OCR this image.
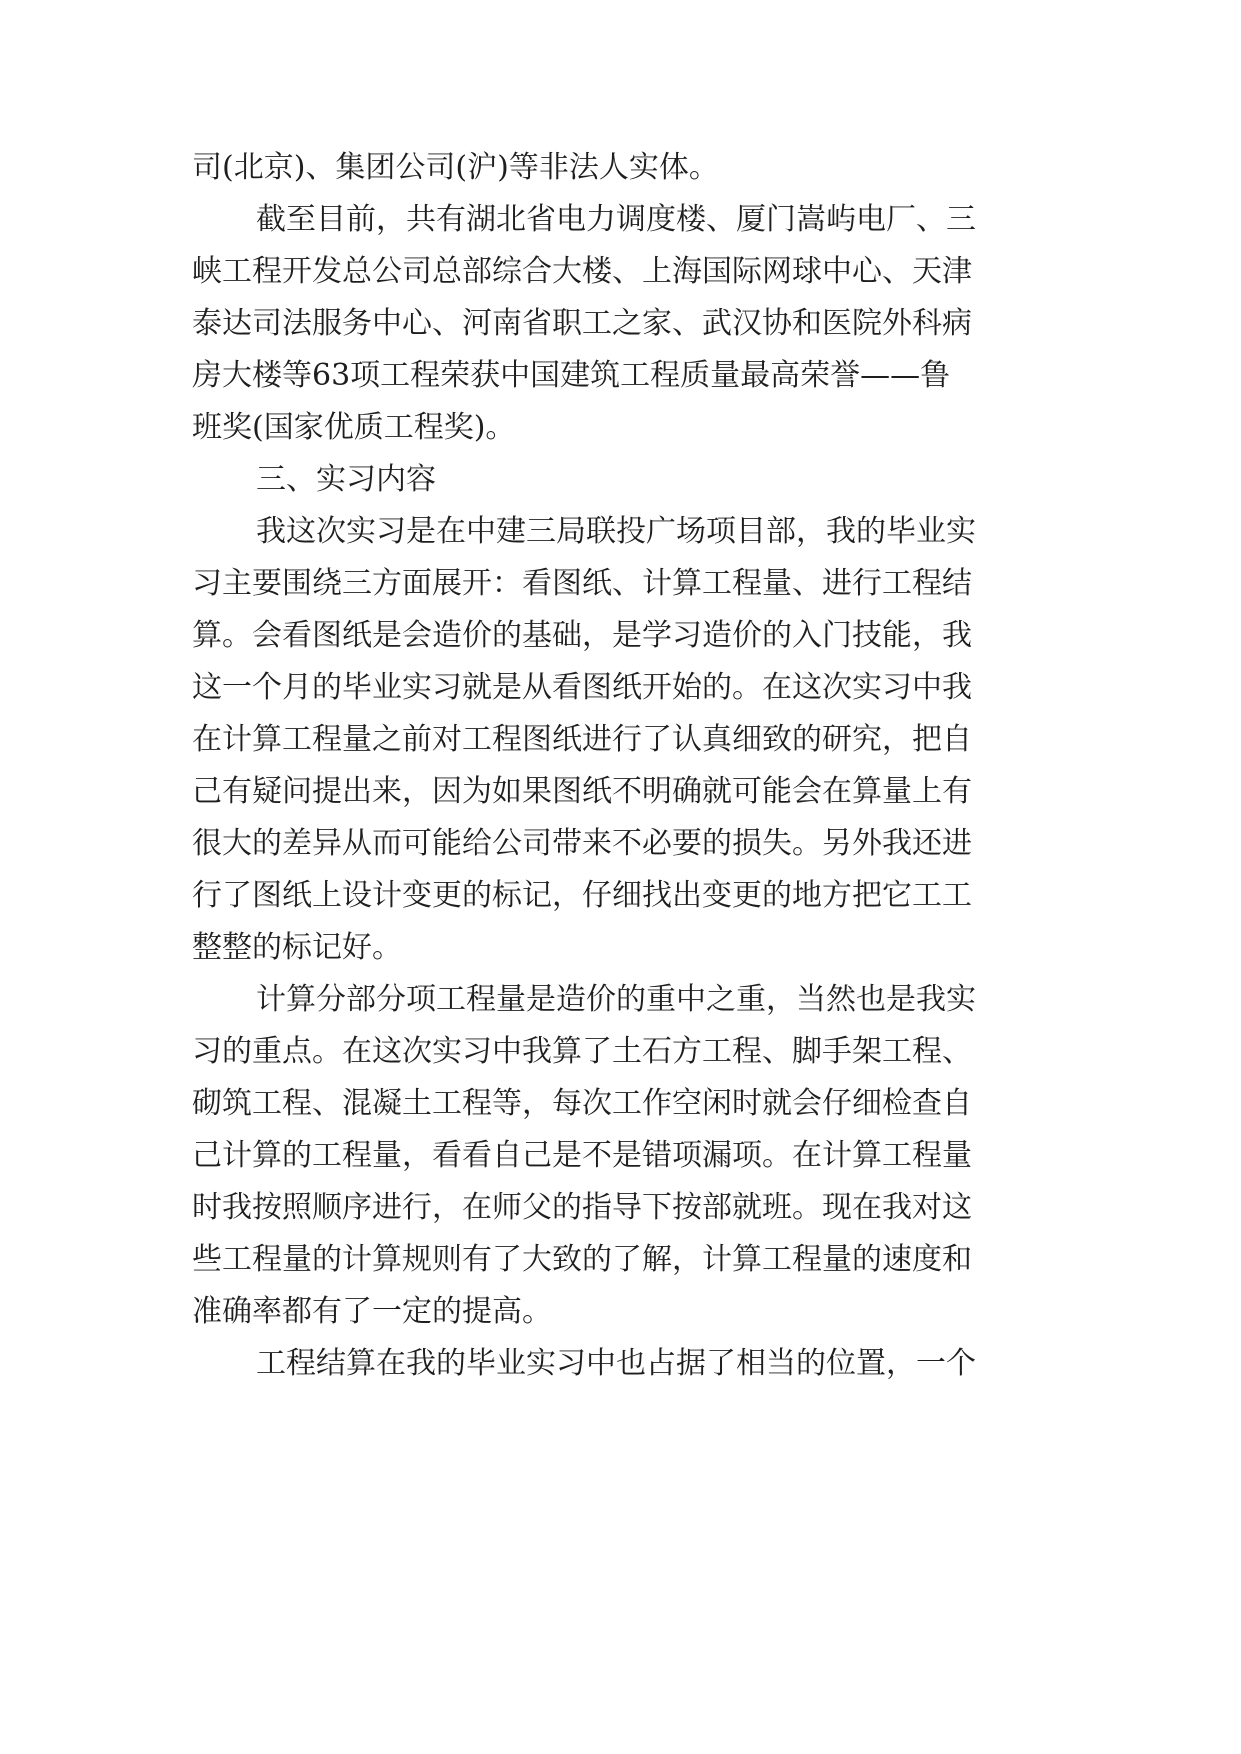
司(北京)、集团公司(沪)等非法人实体。
截至目前，共有湖北省电力调度楼、厦门嵩屿电厂、三
峡工程开发总公司总部综合大楼、上海国际网球中心、天津
泰达司法服务中心、河南省职工之家、武汉协和医院外科病
房大楼等63项工程荣获中国建筑工程质量最高荣誉——鲁
班奖(国家优质工程奖)。
三、实习内容
我这次实习是在中建三局联投广场项目部，我的毕业实
习主要围绕三方面展开：看图纸、计算工程量、进行工程结
算。会看图纸是会造价的基础，是学习造价的入门技能，我
这一个月的毕业实习就是从看图纸开始的。在这次实习中我
在计算工程量之前对工程图纸进行了认真细致的研究，把自
己有疑问提出来，因为如果图纸不明确就可能会在算量上有
很大的差异从而可能给公司带来不必要的损失。另外我还进
行了图纸上设计变更的标记，仔细找出变更的地方把它工工
整整的标记好。
计算分部分项工程量是造价的重中之重，当然也是我实
习的重点。在这次实习中我算了土石方工程、脚手架工程、
砌筑工程、混凝土工程等，每次工作空闲时就会仔细检查自
己计算的工程量，看看自己是不是错项漏项。在计算工程量
时我按照顺序进行，在师父的指导下按部就班。现在我对这
些工程量的计算规则有了大致的了解，计算工程量的速度和
准确率都有了一定的提高。
工程结算在我的毕业实习中也占据了相当的位置，一个
